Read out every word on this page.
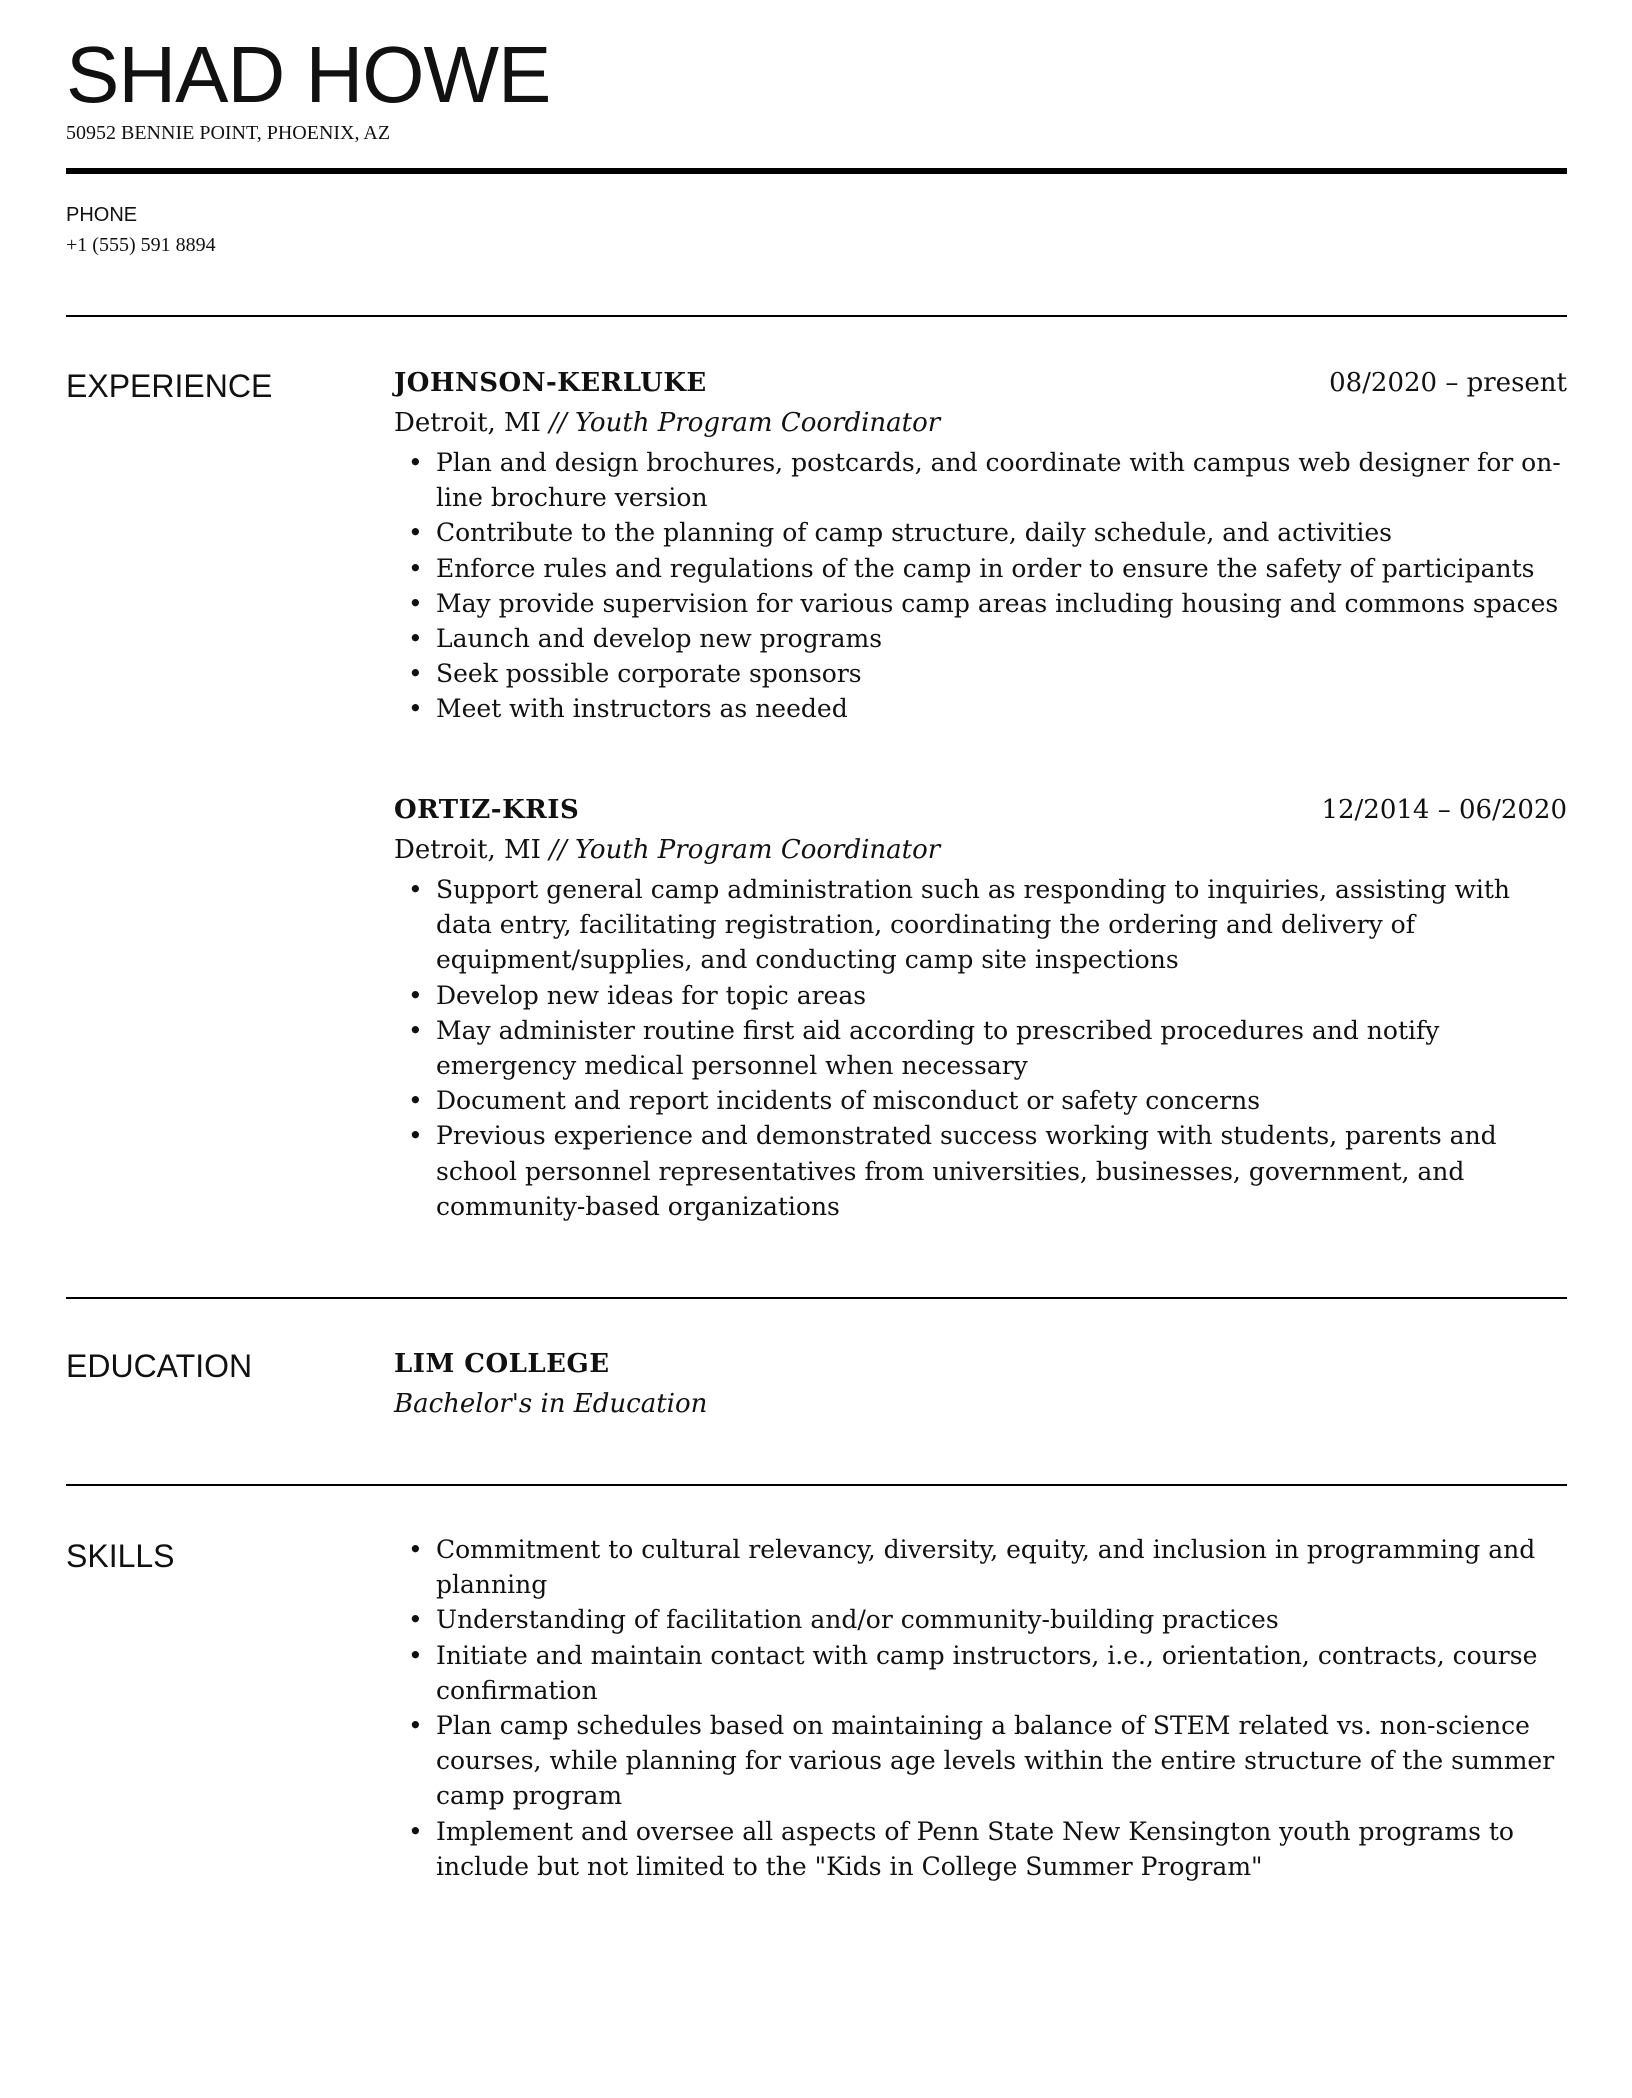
SHAD HOWE
50952 BENNIE POINT, PHOENIX, AZ
PHONE
+1 (555) 591 8894
EXPERIENCE	JOHNSON-KERLUKE	08/2020 – present
Detroit, MI // Youth Program Coordinator
• Plan and design brochures, postcards, and coordinate with campus web designer for on-line brochure version
• Contribute to the planning of camp structure, daily schedule, and activities
• Enforce rules and regulations of the camp in order to ensure the safety of participants
• May provide supervision for various camp areas including housing and commons spaces
• Launch and develop new programs
• Seek possible corporate sponsors
• Meet with instructors as needed
ORTIZ-KRIS	12/2014 – 06/2020
Detroit, MI // Youth Program Coordinator
• Support general camp administration such as responding to inquiries, assisting with data entry, facilitating registration, coordinating the ordering and delivery of equipment/supplies, and conducting camp site inspections
• Develop new ideas for topic areas
• May administer routine first aid according to prescribed procedures and notify emergency medical personnel when necessary
• Document and report incidents of misconduct or safety concerns
• Previous experience and demonstrated success working with students, parents and school personnel representatives from universities, businesses, government, and community-based organizations
EDUCATION	LIM COLLEGE
Bachelor's in Education
SKILLS
•	Commitment to cultural relevancy, diversity, equity, and inclusion in programming and planning
• Understanding of facilitation and/or community-building practices
• Initiate and maintain contact with camp instructors, i.e., orientation, contracts, course confirmation
• Plan camp schedules based on maintaining a balance of STEM related vs. non-science courses, while planning for various age levels within the entire structure of the summer camp program
• Implement and oversee all aspects of Penn State New Kensington youth programs to include but not limited to the "Kids in College Summer Program"
